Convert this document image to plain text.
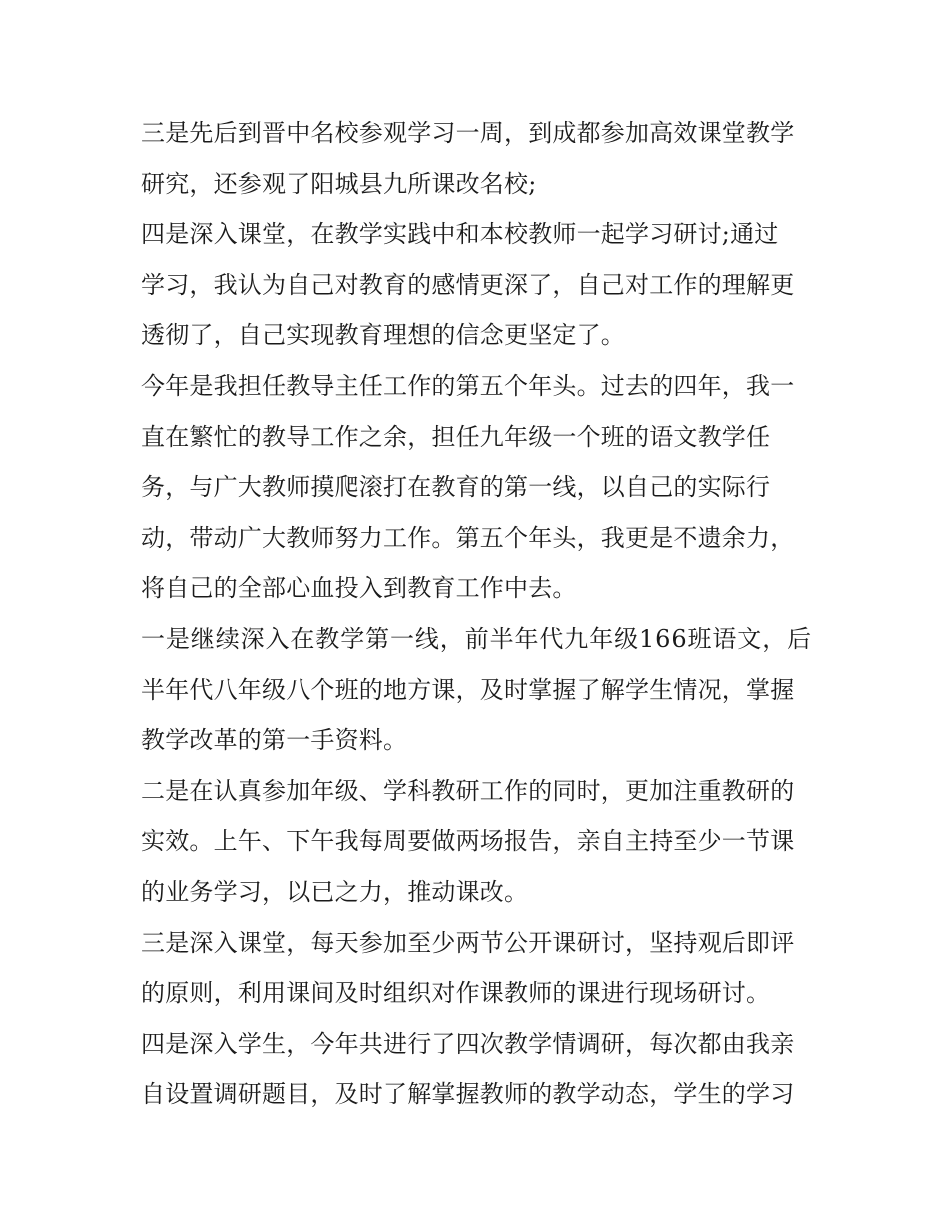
三是先后到晋中名校参观学习一周，到成都参加高效课堂教学
研究，还参观了阳城县九所课改名校;
四是深入课堂，在教学实践中和本校教师一起学习研讨;通过
学习，我认为自己对教育的感情更深了，自己对工作的理解更
透彻了，自己实现教育理想的信念更坚定了。
今年是我担任教导主任工作的第五个年头。过去的四年，我一
直在繁忙的教导工作之余，担任九年级一个班的语文教学任
务，与广大教师摸爬滚打在教育的第一线，以自己的实际行
动，带动广大教师努力工作。第五个年头，我更是不遗余力，
将自己的全部心血投入到教育工作中去。
一是继续深入在教学第一线，前半年代九年级166班语文，后
半年代八年级八个班的地方课，及时掌握了解学生情况，掌握
教学改革的第一手资料。
二是在认真参加年级、学科教研工作的同时，更加注重教研的
实效。上午、下午我每周要做两场报告，亲自主持至少一节课
的业务学习，以已之力，推动课改。
三是深入课堂，每天参加至少两节公开课研讨，坚持观后即评
的原则，利用课间及时组织对作课教师的课进行现场研讨。
四是深入学生，今年共进行了四次教学情调研，每次都由我亲
自设置调研题目，及时了解掌握教师的教学动态，学生的学习
